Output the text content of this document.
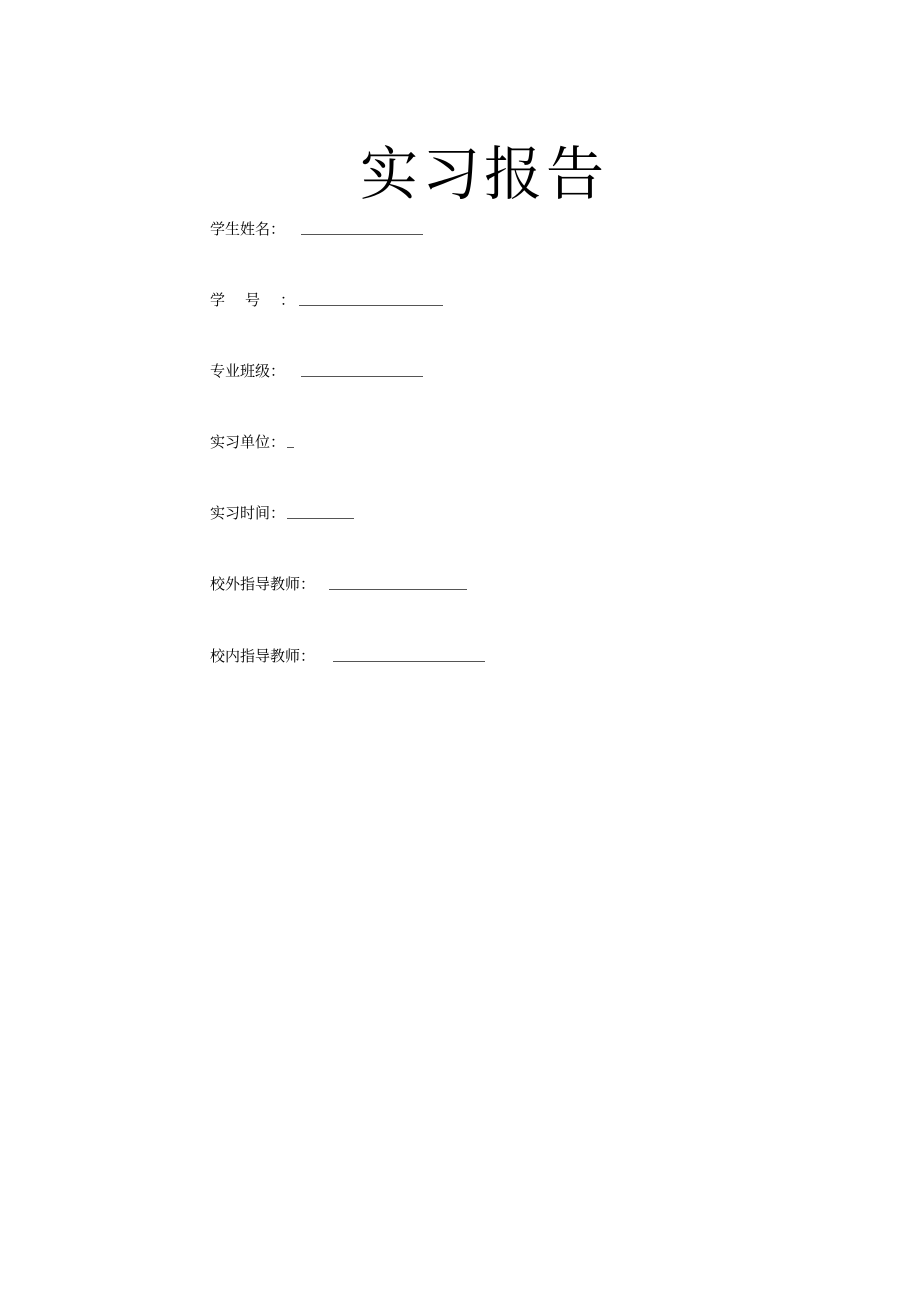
实习报告
学生姓名：
学号：
专业班级：
实习单位：
实习时间：
校外指导教师：
校内指导教师：
